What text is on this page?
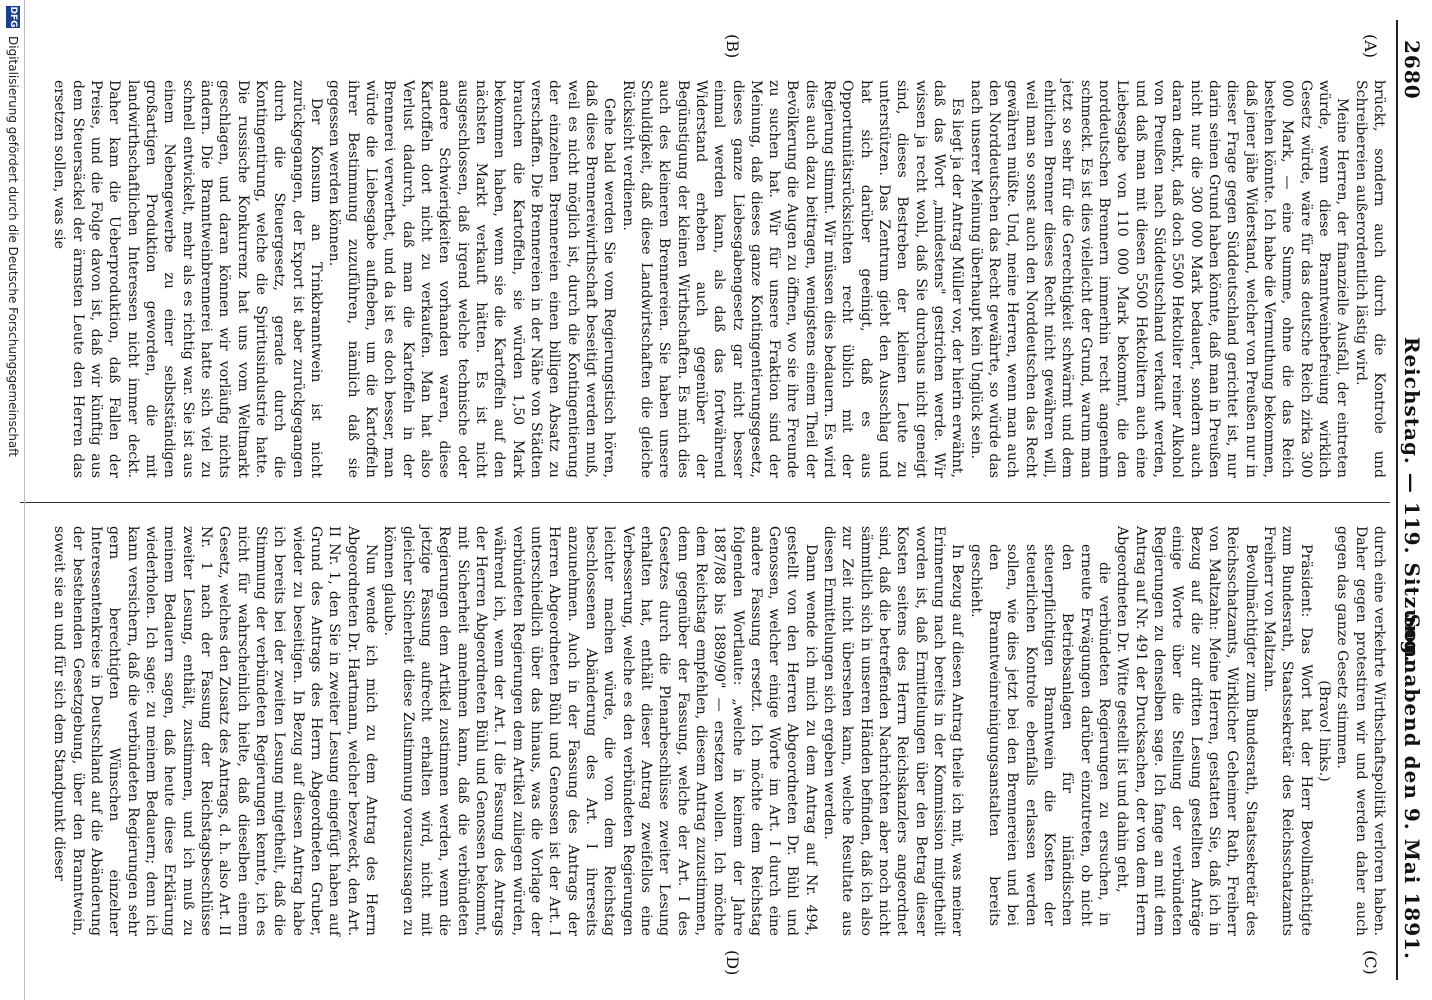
2680
Reichstag. — 119. Sitzung.
Sonnabend den 9. Mai 1891.
(A)
(B)
(C)
(D)

brückt, sondern auch durch die Kontrole und Schreibereien außerordentlich lästig wird.

Meine Herren, der finanzielle Ausfall, der eintreten würde, wenn diese Branntweinbefreiung wirklich Gesetz würde, wäre für das deutsche Reich zirka 300 000 Mark, — eine Summe, ohne die das Reich bestehen könnte. Ich habe die Vermuthung bekommen, daß jener jähe Widerstand, welcher von Preußen nur in dieser Frage gegen Süddeutschland gerichtet ist, nur darin seinen Grund haben könnte, daß man in Preußen nicht nur die 300 000 Mark bedauert, sondern auch daran denkt, daß doch 5500 Hektoliter reiner Alkohol von Preußen nach Süddeutschland verkauft werden, und daß man mit diesen 5500 Hektolitern auch eine Liebesgabe von 110 000 Mark bekommt, die den norddeutschen Brennern immerhin recht angenehm schmeckt. Es ist dies vielleicht der Grund, warum man jetzt so sehr für die Gerechtigkeit schwärmt und dem ehrlichen Brenner dieses Recht nicht gewähren will, weil man so sonst auch den Norddeutschen das Recht gewähren müßte. Und, meine Herren, wenn man auch den Norddeutschen das Recht gewährte, so würde das nach unserer Meinung überhaupt kein Unglück sein.

Es liegt ja der Antrag Müller vor, der hierin erwähnt, daß das Wort „mindestens" gestrichen werde. Wir wissen ja recht wohl, daß Sie durchaus nicht geneigt sind, dieses Bestreben der kleinen Leute zu unterstützen. Das Zentrum giebt den Ausschlag und hat sich darüber geeinigt, daß es aus Opportunitätsrücksichten recht üblich mit der Regierung stimmt. Wir müssen dies bedauern. Es wird dies auch dazu beitragen, wenigstens einem Theil der Bevölkerung die Augen zu öffnen, wo sie ihre Freunde zu suchen hat. Wir für unsere Fraktion sind der Meinung, daß dieses ganze Kontingentierungsgesetz, dieses ganze Liebesgabengesetz gar nicht besser einmal werden kann, als daß das fortwährend Widerstand erheben auch gegenüber der Begünstigung der kleinen Wirthschaften. Es mich dies auch des kleineren Brennereien. Sie haben unsere Schuldigkeit, daß diese Landwirtschaften die gleiche Rücksicht verdienen.

Gehe bald werden Sie vom Regierungstisch hören, daß diese Brennereiwirthschaft beseitigt werden muß, weil es nicht möglich ist, durch die Kontingentierung der einzelnen Brennereien einen billigen Absatz zu verschaffen. Die Brennereien in der Nähe von Städten brauchen die Kartoffeln, sie würden 1,50 Mark bekommen haben, wenn sie die Kartoffeln auf den nächsten Markt verkauft hätten. Es ist nicht ausgeschlossen, daß irgend welche technische oder andere Schwierigkeiten vorhanden waren, diese Kartoffeln dort nicht zu verkaufen. Man hat also Verlust dadurch, daß man die Kartoffeln in der Brennerei verwerthet, und da ist es doch besser, man würde die Liebesgabe aufheben, um die Kartoffeln ihrer Bestimmung zuzuführen, nämlich daß sie gegessen werden können.

Der Konsum an Trinkbranntwein ist nicht zurückgegangen, der Export ist aber zurückgegangen durch die Steuergesetz, gerade durch die Kontingentirung, welche die Spiritusindustrie hatte. Die russische Konkurrenz hat uns vom Weltmarkt geschlagen, und daran können wir vorläufig nichts ändern. Die Branntweinbrennerei hatte sich viel zu schnell entwickelt, mehr als es richtig war. Sie ist aus einem Nebengewerbe zu einer selbstständigen großartigen Produktion geworden, die mit landwirthschaftlichen Interessen nicht immer deckt. Daher kam die Ueberproduktion, daß Fallen der Preise, und die Folge davon ist, daß wir künftig aus dem Steuersäckel der ärmsten Leute den Herren das ersetzen sollen, was sie

durch eine verkehrte Wirthschaftspolitik verloren haben. Daher gegen protestiren wir und werden daher auch gegen das ganze Gesetz stimmen.

(Bravo! links.)

Präsident: Das Wort hat der Herr Bevollmächtigte zum Bundesrath, Staatssekretär des Reichsschatzamts Freiherr von Maltzahn.

Bevollmächtigter zum Bundesrath, Staatssekretär des Reichsschatzamts, Wirklicher Geheimer Rath, Freiherr von Maltzahn: Meine Herren, gestatten Sie, daß ich in Bezug auf die zur dritten Lesung gestellten Anträge einige Worte über die Stellung der verbündeten Regierungen zu denselben sage. Ich fange an mit dem Antrag auf Nr. 491 der Drucksachen, der von dem Herrn Abgeordneten Dr. Witte gestellt ist und dahin geht,

die verbündeten Regierungen zu ersuchen, in erneute Erwägungen darüber einzutreten, ob nicht den Betriebsanlagen für inländischen steuerpflichtigen Branntwein die Kosten der steuerlichen Kontrole ebenfalls erlassen werden sollen, wie dies jetzt bei den Brennereien und bei den Branntweinreinigungsanstalten bereits geschieht.

In Bezug auf diesen Antrag theile ich mit, was meiner Erinnerung nach bereits in der Kommission mitgetheilt worden ist, daß Ermittelungen über den Betrag dieser Kosten seitens des Herrn Reichskanzlers angeordnet sind, daß die betreffenden Nachrichten aber noch nicht sämmtlich sich in unseren Händen befinden, daß ich also zur Zeit nicht übersehen kann, welche Resultate aus diesen Ermittelungen sich ergeben werden.

Dann wende ich mich zu dem Antrag auf Nr. 494, gestellt von den Herren Abgeordneten Dr. Bühl und Genossen, welcher einige Worte im Art. I durch eine andere Fassung ersetzt. Ich möchte dem Reichstag folgenden Wortlaute: „welche in keinem der Jahre 1887/88 bis 1889/90" — ersetzen wollen. Ich möchte dem Reichstag empfehlen, diesem Antrag zuzustimmen, denn gegenüber der Fassung, welche der Art. I des Gesetzes durch die Plenarbeschlüsse zweiter Lesung erhalten hat, enthält dieser Antrag zweifellos eine Verbesserung, welche es den verbündeten Regierungen leichter machen würde, die von dem Reichstag beschlossenen Abänderung des Art. I ihrerseits anzunehmen. Auch in der Fassung des Antrags der Herren Abgeordneten Bühl und Genossen ist der Art. I unterschiedlich über das hinaus, was die Vorlage der verbündeten Regierungen dem Artikel zuliegen würden, während ich, wenn der Art. I die Fassung des Antrags der Herren Abgeordneten Bühl und Genossen bekommt, mit Sicherheit annehmen kann, daß die verbündeten Regierungen dem Artikel zustimmen werden, wenn die jetzige Fassung aufrecht erhalten wird, nicht mit gleicher Sicherheit diese Zustimmung vorauszusagen zu können glaube.

Nun wende ich mich zu dem Antrag des Herrn Abgeordneten Dr. Hartmann, welcher bezweckt, den Art. II Nr. 1, den Sie in zweiter Lesung eingefügt haben auf Grund des Antrags des Herrn Abgeordneten Gruber, wieder zu beseitigen. In Bezug auf diesen Antrag habe ich bereits bei der zweiten Lesung mitgetheilt, daß die Stimmung der verbündeten Regierungen kennte, ich es nicht für wahrscheinlich hielte, daß dieselben einem Gesetz, welches den Zusatz des Antrags, d. h. also Art. II Nr. 1 nach der Fassung der Reichstagsbeschlüsse zweiter Lesung, enthält, zustimmen, und ich muß zu meinem Bedauern sagen, daß heute diese Erklärung wiederholen. Ich sage: zu meinem Bedauern; denn ich kann versichern, daß die verbündeten Regierungen sehr gern berechtigten Wünschen einzelner Interessentenkreise in Deutschland auf die Abänderung der bestehenden Gesetzgebung, über den Branntwein, soweit sie an und für sich dem Standpunkt dieser

DFG
Digitalisierung gefördert durch die Deutsche Forschungsgemeinschaft
